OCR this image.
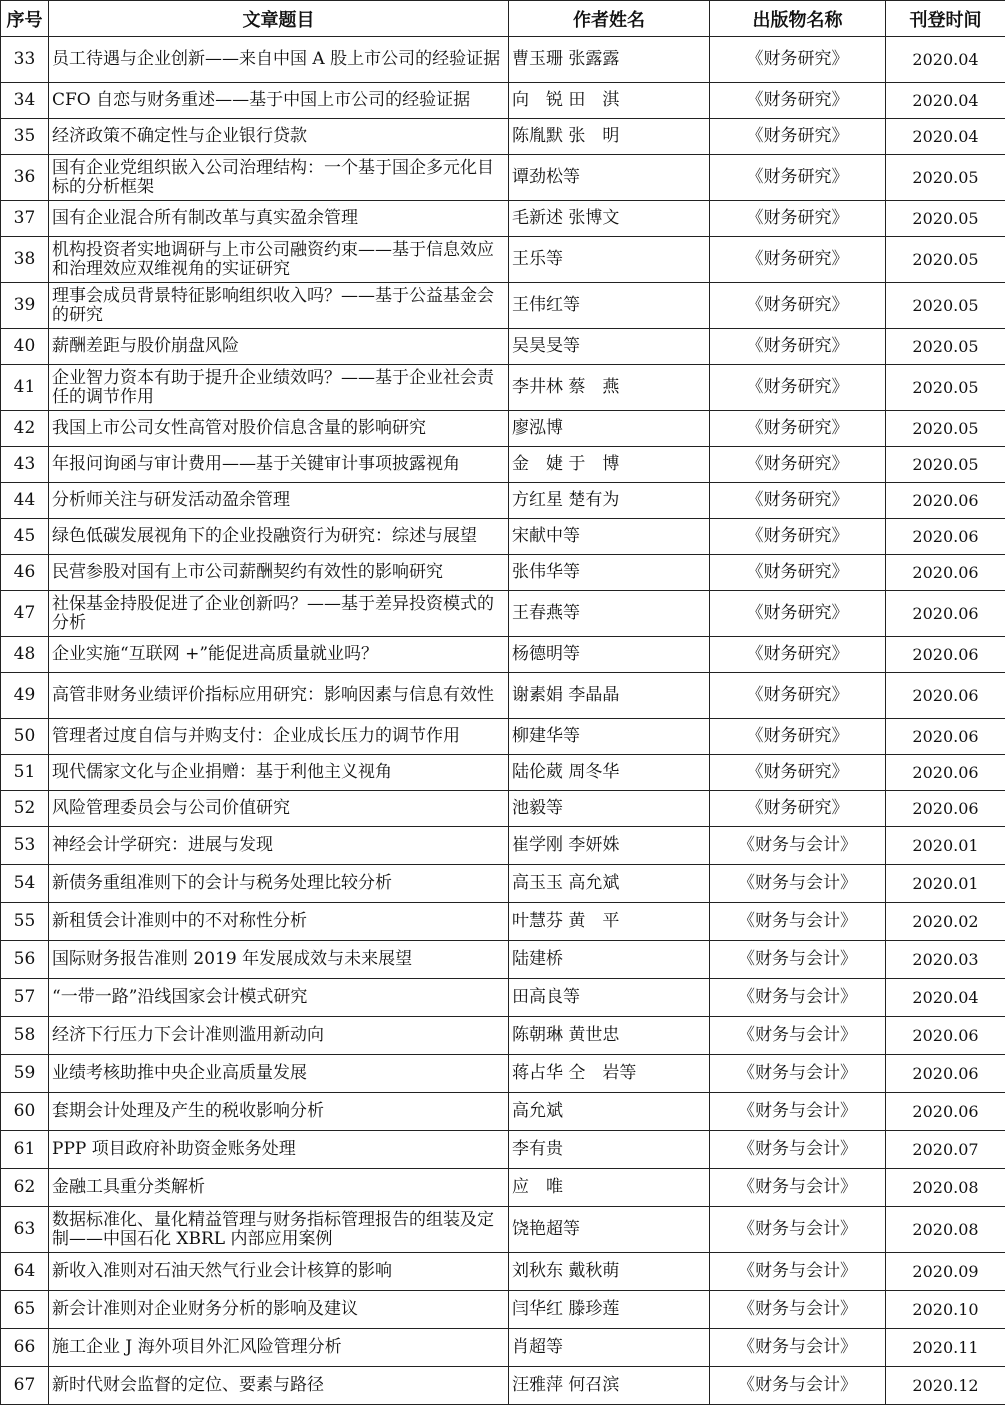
序号	文章题目	作者姓名	出版物名称	刊登时间
33	员工待遇与企业创新——来自中国 A 股上市公司的经验证据	曹玉珊 张露露	《财务研究》	2020.04
34	CFO 自恋与财务重述——基于中国上市公司的经验证据	向　锐 田　淇	《财务研究》	2020.04
35	经济政策不确定性与企业银行贷款	陈胤默 张　明	《财务研究》	2020.04
36	国有企业党组织嵌入公司治理结构：一个基于国企多元化目标的分析框架	谭劲松等	《财务研究》	2020.05
37	国有企业混合所有制改革与真实盈余管理	毛新述 张博文	《财务研究》	2020.05
38	机构投资者实地调研与上市公司融资约束——基于信息效应和治理效应双维视角的实证研究	王乐等	《财务研究》	2020.05
39	理事会成员背景特征影响组织收入吗？——基于公益基金会的研究	王伟红等	《财务研究》	2020.05
40	薪酬差距与股价崩盘风险	吴昊旻等	《财务研究》	2020.05
41	企业智力资本有助于提升企业绩效吗？——基于企业社会责任的调节作用	李井林 蔡　燕	《财务研究》	2020.05
42	我国上市公司女性高管对股价信息含量的影响研究	廖泓博	《财务研究》	2020.05
43	年报问询函与审计费用——基于关键审计事项披露视角	金　婕 于　博	《财务研究》	2020.05
44	分析师关注与研发活动盈余管理	方红星 楚有为	《财务研究》	2020.06
45	绿色低碳发展视角下的企业投融资行为研究：综述与展望	宋献中等	《财务研究》	2020.06
46	民营参股对国有上市公司薪酬契约有效性的影响研究	张伟华等	《财务研究》	2020.06
47	社保基金持股促进了企业创新吗？——基于差异投资模式的分析	王春燕等	《财务研究》	2020.06
48	企业实施“互联网 +”能促进高质量就业吗？	杨德明等	《财务研究》	2020.06
49	高管非财务业绩评价指标应用研究：影响因素与信息有效性	谢素娟 李晶晶	《财务研究》	2020.06
50	管理者过度自信与并购支付：企业成长压力的调节作用	柳建华等	《财务研究》	2020.06
51	现代儒家文化与企业捐赠：基于利他主义视角	陆伦葳 周冬华	《财务研究》	2020.06
52	风险管理委员会与公司价值研究	池毅等	《财务研究》	2020.06
53	神经会计学研究：进展与发现	崔学刚 李妍姝	《财务与会计》	2020.01
54	新债务重组准则下的会计与税务处理比较分析	高玉玉 高允斌	《财务与会计》	2020.01
55	新租赁会计准则中的不对称性分析	叶慧芬 黄　平	《财务与会计》	2020.02
56	国际财务报告准则 2019 年发展成效与未来展望	陆建桥	《财务与会计》	2020.03
57	“一带一路”沿线国家会计模式研究	田高良等	《财务与会计》	2020.04
58	经济下行压力下会计准则滥用新动向	陈朝琳 黄世忠	《财务与会计》	2020.06
59	业绩考核助推中央企业高质量发展	蒋占华 仝　岩等	《财务与会计》	2020.06
60	套期会计处理及产生的税收影响分析	高允斌	《财务与会计》	2020.06
61	PPP 项目政府补助资金账务处理	李有贵	《财务与会计》	2020.07
62	金融工具重分类解析	应　唯	《财务与会计》	2020.08
63	数据标准化、量化精益管理与财务指标管理报告的组装及定制——中国石化 XBRL 内部应用案例	饶艳超等	《财务与会计》	2020.08
64	新收入准则对石油天然气行业会计核算的影响	刘秋东 戴秋萌	《财务与会计》	2020.09
65	新会计准则对企业财务分析的影响及建议	闫华红 滕珍莲	《财务与会计》	2020.10
66	施工企业 J 海外项目外汇风险管理分析	肖超等	《财务与会计》	2020.11
67	新时代财会监督的定位、要素与路径	汪雅萍 何召滨	《财务与会计》	2020.12
